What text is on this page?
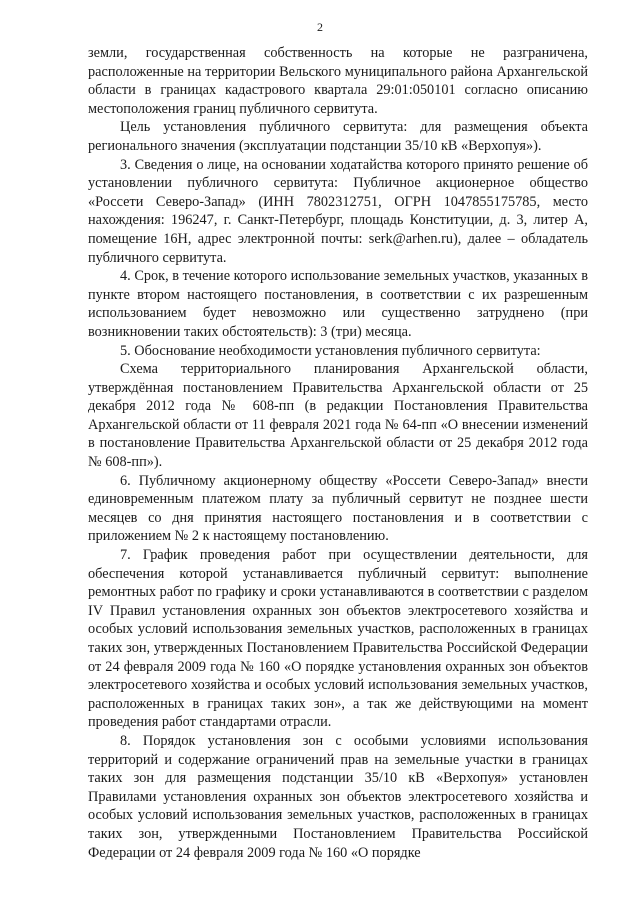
2

земли, государственная собственность на которые не разграничена, расположенные на территории Вельского муниципального района Архангельской области в границах кадастрового квартала 29:01:050101 согласно описанию местоположения границ публичного сервитута.

Цель установления публичного сервитута: для размещения объекта регионального значения (эксплуатации подстанции 35/10 кВ «Верхопуя»).

3. Сведения о лице, на основании ходатайства которого принято решение об установлении публичного сервитута: Публичное акционерное общество «Россети Северо-Запад» (ИНН 7802312751, ОГРН 1047855175785, место нахождения: 196247, г. Санкт-Петербург, площадь Конституции, д. 3, литер А, помещение 16Н, адрес электронной почты: serk@arhen.ru), далее – обладатель публичного сервитута.

4. Срок, в течение которого использование земельных участков, указанных в пункте втором настоящего постановления, в соответствии с их разрешенным использованием будет невозможно или существенно затруднено (при возникновении таких обстоятельств): 3 (три) месяца.

5. Обоснование необходимости установления публичного сервитута:

Схема территориального планирования Архангельской области, утверждённая постановлением Правительства Архангельской области от 25 декабря 2012 года № 608-пп (в редакции Постановления Правительства Архангельской области от 11 февраля 2021 года № 64-пп «О внесении изменений в постановление Правительства Архангельской области от 25 декабря 2012 года № 608-пп»).

6. Публичному акционерному обществу «Россети Северо-Запад» внести единовременным платежом плату за публичный сервитут не позднее шести месяцев со дня принятия настоящего постановления и в соответствии с приложением № 2 к настоящему постановлению.

7. График проведения работ при осуществлении деятельности, для обеспечения которой устанавливается публичный сервитут: выполнение ремонтных работ по графику и сроки устанавливаются в соответствии с разделом IV Правил установления охранных зон объектов электросетевого хозяйства и особых условий использования земельных участков, расположенных в границах таких зон, утвержденных Постановлением Правительства Российской Федерации от 24 февраля 2009 года № 160 «О порядке установления охранных зон объектов электросетевого хозяйства и особых условий использования земельных участков, расположенных в границах таких зон», а так же действующими на момент проведения работ стандартами отрасли.

8. Порядок установления зон с особыми условиями использования территорий и содержание ограничений прав на земельные участки в границах таких зон для размещения подстанции 35/10 кВ «Верхопуя» установлен Правилами установления охранных зон объектов электросетевого хозяйства и особых условий использования земельных участков, расположенных в границах таких зон, утвержденными Постановлением Правительства Российской Федерации от 24 февраля 2009 года № 160 «О порядке
